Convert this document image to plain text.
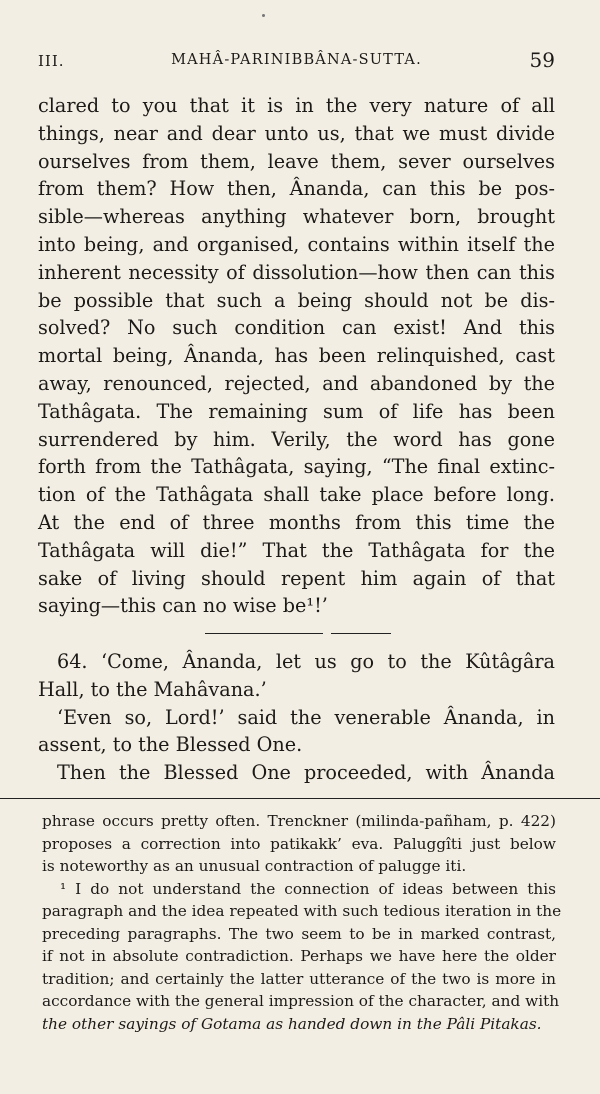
III.	MAHÂ-PARINIBBÂNA-SUTTA.	59
clared to you that it is in the very nature of all
things, near and dear unto us, that we must divide
ourselves from them, leave them, sever ourselves
from them? How then, Ânanda, can this be pos-
sible—whereas anything whatever born, brought
into being, and organised, contains within itself the
inherent necessity of dissolution—how then can this
be possible that such a being should not be dis-
solved? No such condition can exist! And this
mortal being, Ânanda, has been relinquished, cast
away, renounced, rejected, and abandoned by the
Tathâgata. The remaining sum of life has been
surrendered by him. Verily, the word has gone
forth from the Tathâgata, saying, “The final extinc-
tion of the Tathâgata shall take place before long.
At the end of three months from this time the
Tathâgata will die!” That the Tathâgata for the
sake of living should repent him again of that
saying—this can no wise be¹!’
64. ‘Come, Ânanda, let us go to the Kûtâgâra
Hall, to the Mahâvana.’
‘Even so, Lord!’ said the venerable Ânanda, in
assent, to the Blessed One.
Then the Blessed One proceeded, with Ânanda
phrase occurs pretty often. Trenckner (milinda-pañham, p. 422)
proposes a correction into patikakk’ eva. Paluggîti just below
is noteworthy as an unusual contraction of palugge iti.
¹ I do not understand the connection of ideas between this
paragraph and the idea repeated with such tedious iteration in the
preceding paragraphs. The two seem to be in marked contrast,
if not in absolute contradiction. Perhaps we have here the older
tradition; and certainly the latter utterance of the two is more in
accordance with the general impression of the character, and with
the other sayings of Gotama as handed down in the Pâli Pitakas.
